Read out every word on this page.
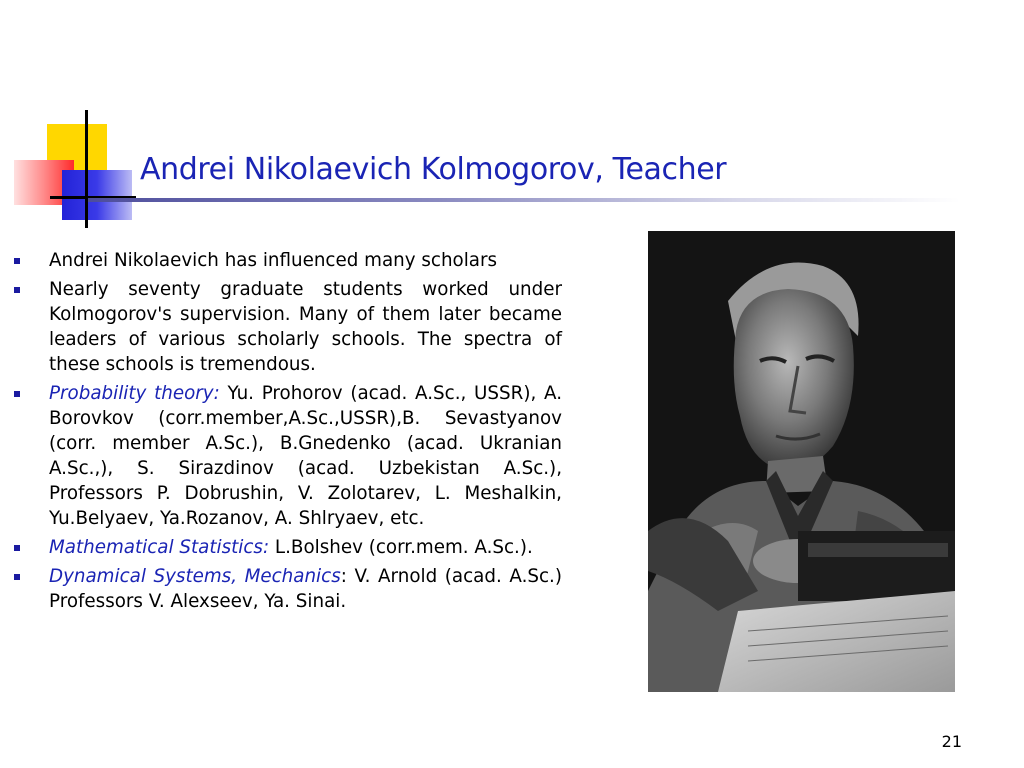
Andrei Nikolaevich Kolmogorov, Teacher
Andrei Nikolaevich has influenced many scholars
Nearly seventy graduate students worked under Kolmogorov's supervision. Many of them later became leaders of various scholarly schools. The spectra of these schools is tremendous.
Probability theory: Yu. Prohorov (acad. A.Sc., USSR), A. Borovkov (corr.member,A.Sc.,USSR),B. Sevastyanov (corr. member A.Sc.), B.Gnedenko (acad. Ukranian A.Sc.,), S. Sirazdinov (acad. Uzbekistan A.Sc.), Professors P. Dobrushin, V. Zolotarev, L. Meshalkin, Yu.Belyaev, Ya.Rozanov, A. Shlryaev, etc.
Mathematical Statistics: L.Bolshev (corr.mem. A.Sc.).
Dynamical Systems, Mechanics: V. Arnold (acad. A.Sc.) Professors V. Alexseev, Ya. Sinai.
21
